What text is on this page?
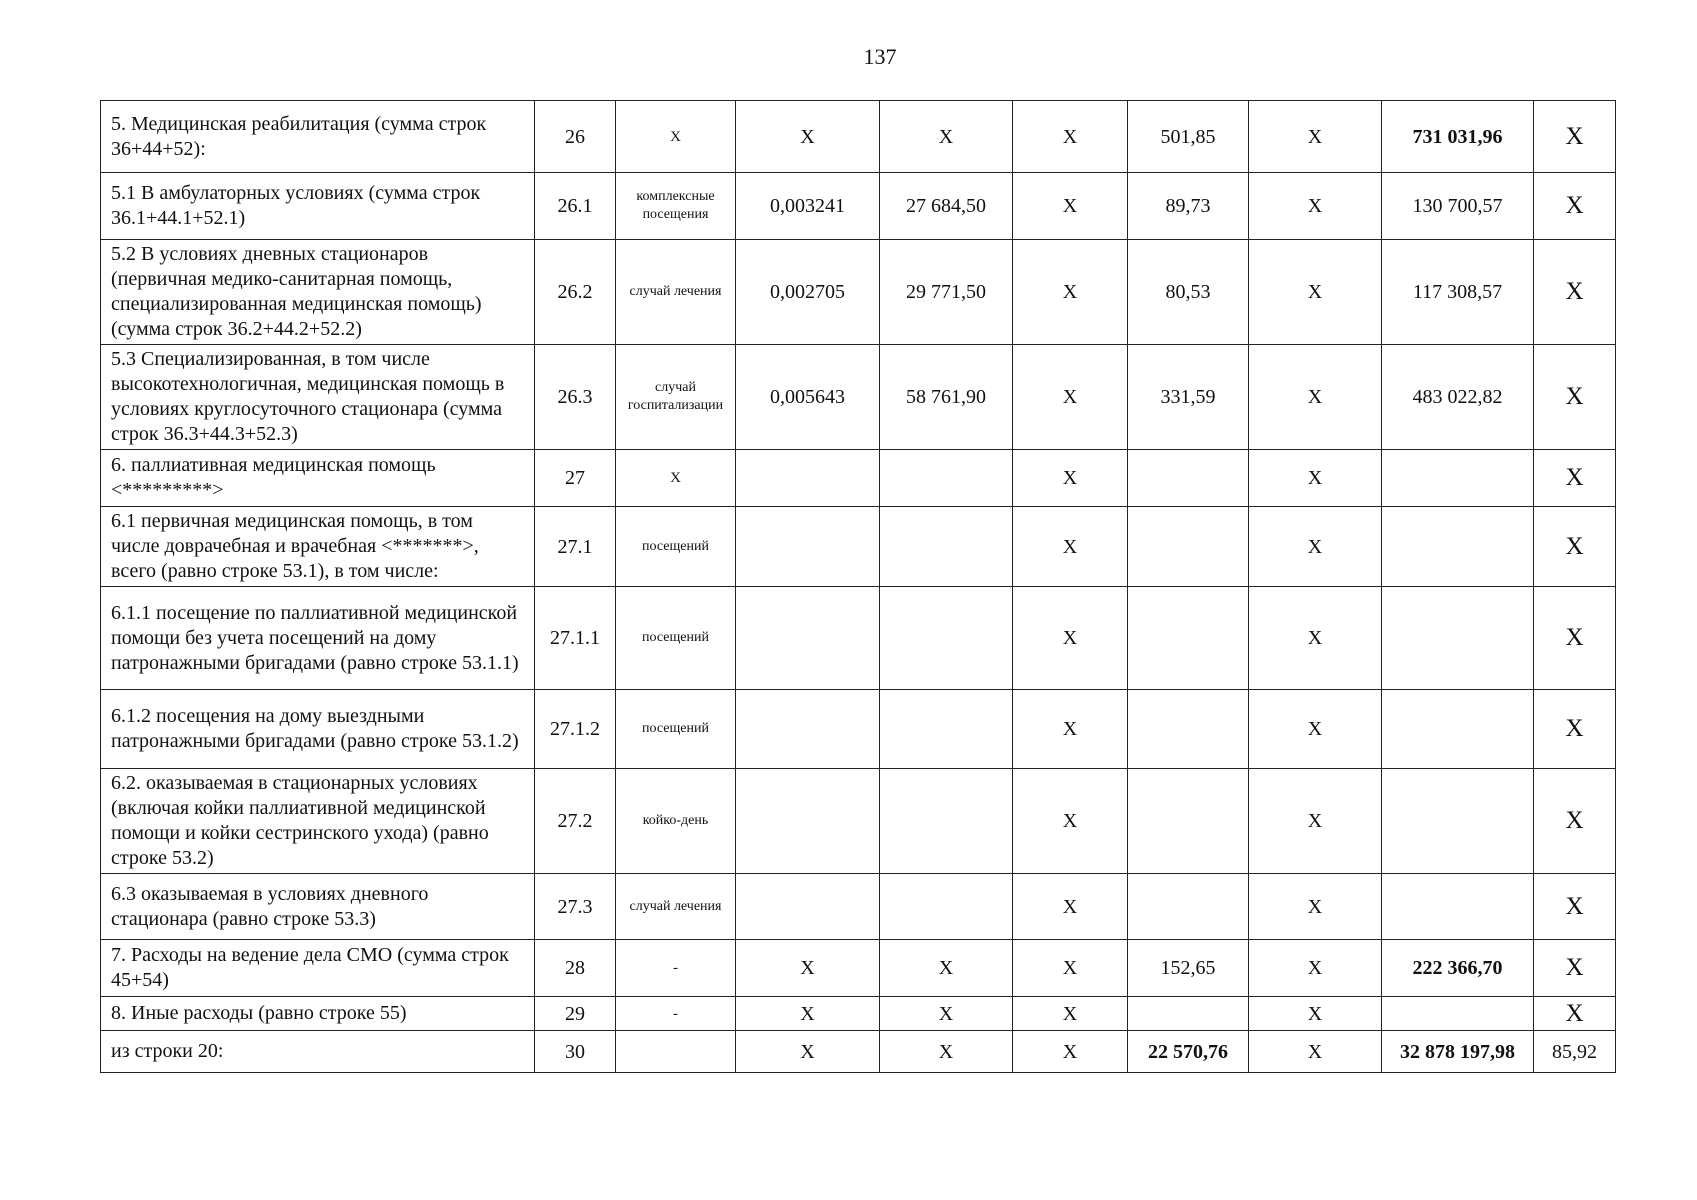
137
5. Медицинская реабилитация (сумма строк 36+44+52):	26	X	X	X	X	501,85	X	731 031,96	X
5.1 В амбулаторных условиях (сумма строк 36.1+44.1+52.1)	26.1	комплексные посещения	0,003241	27 684,50	X	89,73	X	130 700,57	X
5.2 В условиях дневных стационаров (первичная медико-санитарная помощь, специализированная медицинская помощь) (сумма строк 36.2+44.2+52.2)	26.2	случай лечения	0,002705	29 771,50	X	80,53	X	117 308,57	X
5.3 Специализированная, в том числе высокотехнологичная, медицинская помощь в условиях круглосуточного стационара (сумма строк 36.3+44.3+52.3)	26.3	случай госпитализации	0,005643	58 761,90	X	331,59	X	483 022,82	X
6. паллиативная медицинская помощь <*********>	27	X			X		X		X
6.1 первичная медицинская помощь, в том числе доврачебная и врачебная <*******>, всего (равно строке 53.1), в том числе:	27.1	посещений			X		X		X
6.1.1 посещение по паллиативной медицинской помощи без учета посещений на дому патронажными бригадами (равно строке 53.1.1)	27.1.1	посещений			X		X		X
6.1.2 посещения на дому выездными патронажными бригадами (равно строке 53.1.2)	27.1.2	посещений			X		X		X
6.2. оказываемая в стационарных условиях (включая койки паллиативной медицинской помощи и койки сестринского ухода) (равно строке 53.2)	27.2	койко-день			X		X		X
6.3 оказываемая в условиях дневного стационара (равно строке 53.3)	27.3	случай лечения			X		X		X
7. Расходы на ведение дела СМО (сумма строк 45+54)	28	-	X	X	X	152,65	X	222 366,70	X
8. Иные расходы (равно строке 55)	29	-	X	X	X		X		X
из строки 20:	30		X	X	X	22 570,76	X	32 878 197,98	85,92
